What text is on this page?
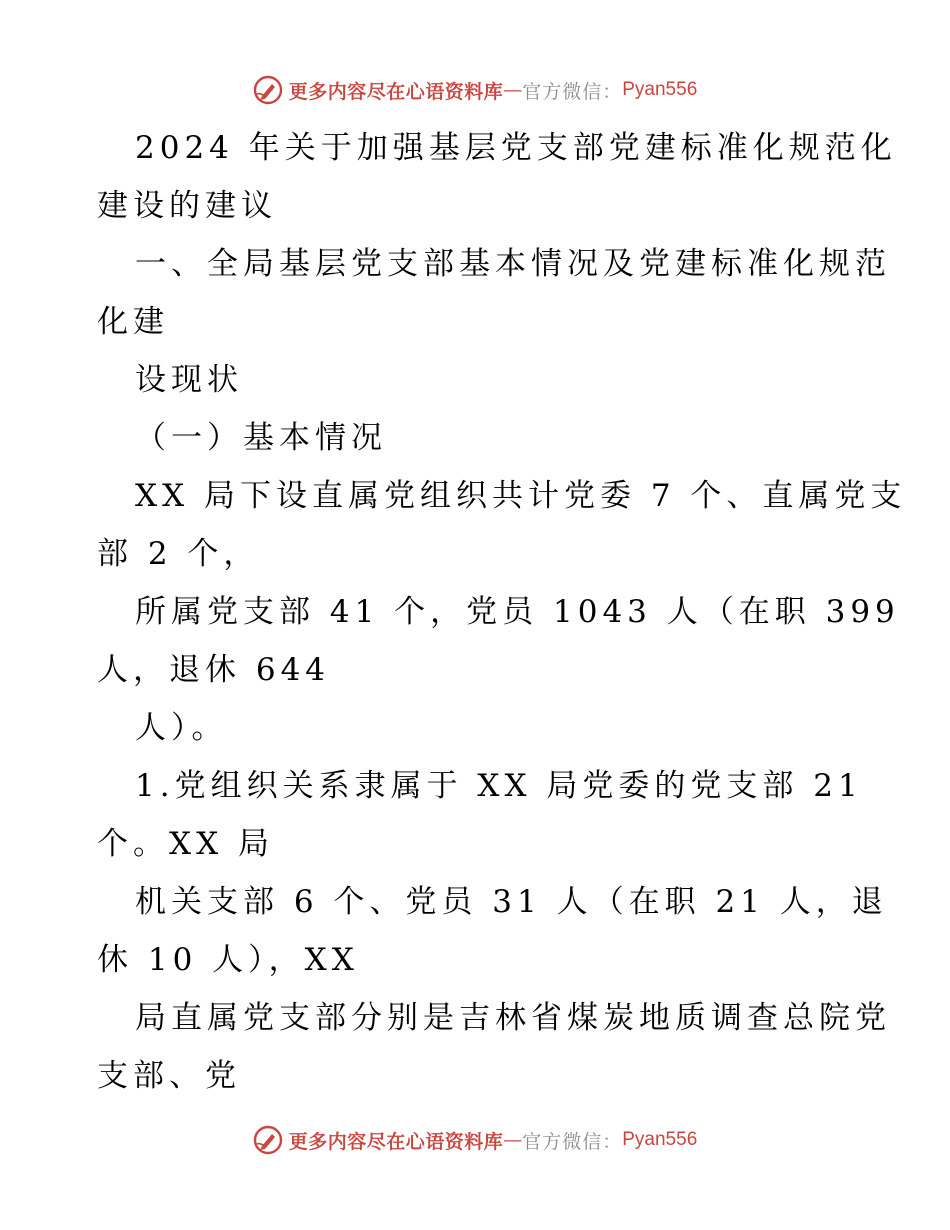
更多内容尽在心语资料库 — 官方微信： Pyan556
2024 年关于加强基层党支部党建标准化规范化
建设的建议
一、全局基层党支部基本情况及党建标准化规范
化建
设现状
（一）基本情况
XX 局下设直属党组织共计党委 7 个、直属党支
部 2 个，
所属党支部 41 个，党员 1043 人（在职 399
人，退休 644
人）。
1.党组织关系隶属于 XX 局党委的党支部 21
个。XX 局
机关支部 6 个、党员 31 人（在职 21 人，退
休 10 人），XX
局直属党支部分别是吉林省煤炭地质调查总院党
支部、党
更多内容尽在心语资料库 — 官方微信： Pyan556
